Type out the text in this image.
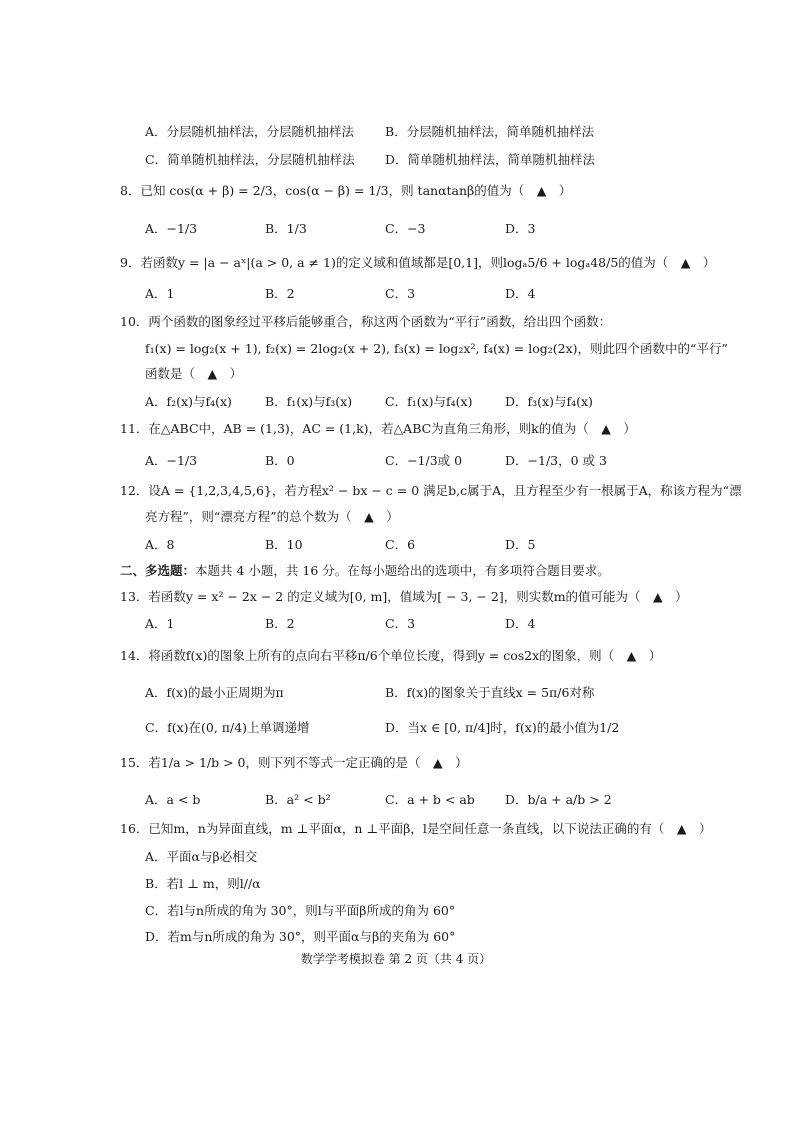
A．分层随机抽样法，分层随机抽样法 B．分层随机抽样法，简单随机抽样法
C．简单随机抽样法，分层随机抽样法 D．简单随机抽样法，简单随机抽样法
8．已知 cos(α + β) = 2/3，cos(α − β) = 1/3，则 tanαtanβ的值为（　▲　）
A．−1/3	B．1/3	C．−3	D．3
9．若函数y = |a − aˣ|(a > 0, a ≠ 1)的定义域和值域都是[0,1]，则logₐ5/6 + logₐ48/5的值为（　▲　）
A．1	B．2	C．3	D．4
10．两个函数的图象经过平移后能够重合，称这两个函数为“平行”函数，给出四个函数：
f₁(x) = log₂(x + 1), f₂(x) = 2log₂(x + 2), f₃(x) = log₂x², f₄(x) = log₂(2x)，则此四个函数中的“平行”
函数是（　▲　）
A．f₂(x)与f₄(x)	B．f₁(x)与f₃(x)	C．f₁(x)与f₄(x)	D．f₃(x)与f₄(x)
11．在△ABC中，AB = (1,3)，AC = (1,k)，若△ABC为直角三角形，则k的值为（　▲　）
A．−1/3	B．0	C．−1/3或 0	D．−1/3，0 或 3
12．设A = {1,2,3,4,5,6}，若方程x² − bx − c = 0 满足b,c属于A，且方程至少有一根属于A，称该方程为“漂
亮方程”，则“漂亮方程”的总个数为（　▲　）
A．8	B．10	C．6	D．5
二、多选题：本题共 4 小题，共 16 分。在每小题给出的选项中，有多项符合题目要求。
13．若函数y = x² − 2x − 2 的定义域为[0, m]，值域为[ − 3, − 2]，则实数m的值可能为（　▲　）
A．1	B．2	C．3	D．4
14．将函数f(x)的图象上所有的点向右平移π/6个单位长度，得到y = cos2x的图象，则（　▲　）
A．f(x)的最小正周期为π	B．f(x)的图象关于直线x = 5π/6对称
C．f(x)在(0, π/4)上单调递增	D．当x ∈ [0, π/4]时，f(x)的最小值为1/2
15．若1/a > 1/b > 0，则下列不等式一定正确的是（　▲　）
A．a < b	B．a² < b²	C．a + b < ab D．b/a + a/b > 2
16．已知m，n为异面直线，m ⊥平面α，n ⊥平面β，l是空间任意一条直线，以下说法正确的有（　▲　）
A．平面α与β必相交
B．若l ⊥ m，则l//α
C．若l与n所成的角为 30°，则l与平面β所成的角为 60°
D．若m与n所成的角为 30°，则平面α与β的夹角为 60°
数学学考模拟卷 第 2 页（共 4 页）
